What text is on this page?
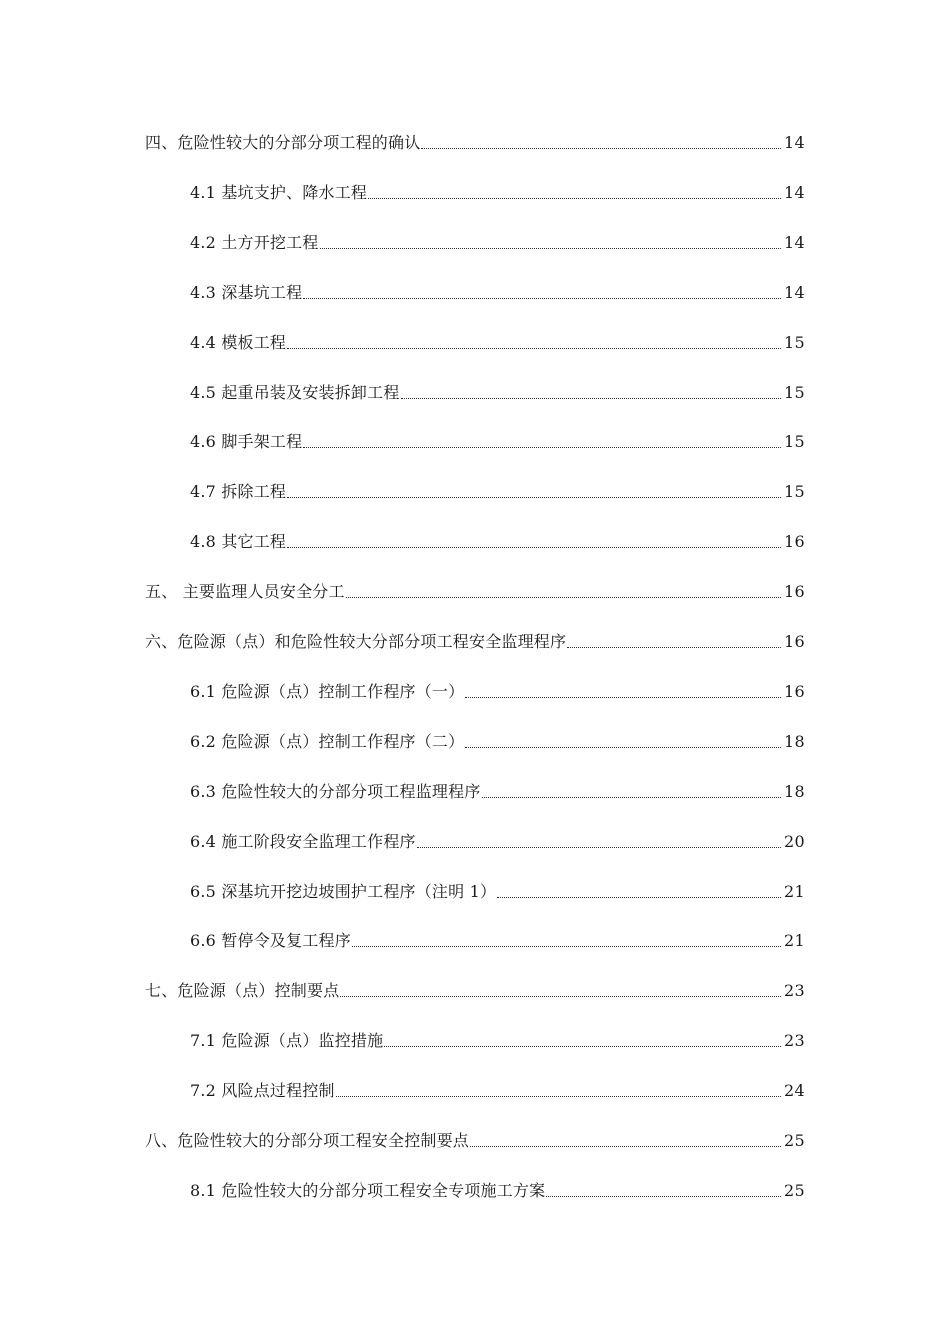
四、危险性较大的分部分项工程的确认	14
4.1 基坑支护、降水工程	14
4.2 土方开挖工程	14
4.3 深基坑工程	14
4.4 模板工程	15
4.5 起重吊装及安装拆卸工程	15
4.6 脚手架工程	15
4.7 拆除工程	15
4.8 其它工程	16
五、 主要监理人员安全分工	16
六、危险源（点）和危险性较大分部分项工程安全监理程序	16
6.1 危险源（点）控制工作程序（一）	16
6.2 危险源（点）控制工作程序（二）	18
6.3 危险性较大的分部分项工程监理程序	18
6.4 施工阶段安全监理工作程序	20
6.5 深基坑开挖边坡围护工程序（注明 1）	21
6.6 暂停令及复工程序	21
七、危险源（点）控制要点	23
7.1 危险源（点）监控措施	23
7.2 风险点过程控制	24
八、危险性较大的分部分项工程安全控制要点	25
8.1 危险性较大的分部分项工程安全专项施工方案	25
